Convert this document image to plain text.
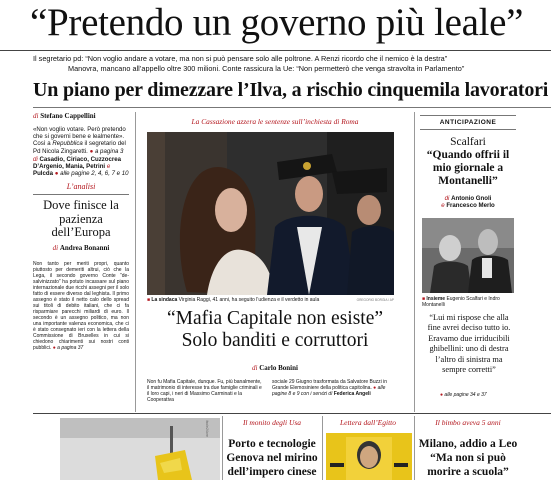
“Pretendo un governo più leale”
Il segretario pd: “Non voglio andare a votare, ma non si può pensare solo alle poltrone. A Renzi ricordo che il nemico è la destra”
Manovra, mancano all’appello oltre 300 milioni. Conte rassicura la Ue: “Non permetterò che venga stravolta in Parlamento”
Un piano per dimezzare l’Ilva, a rischio cinquemila lavoratori
di Stefano Cappellini
«Non voglio votare. Però pretendo che si governi bene e lealmente». Così a Repubblica il segretario del Pd Nicola Zingaretti. ● a pagina 3
di Casadio, Ciriaco, Cuzzocrea D’Argenio, Mania, Petrini e Pulcda ● alle pagine 2, 4, 6, 7 e 10
L’analisi
Dove finisce la pazienza dell’Europa
di Andrea Bonanni
Non tanto per meriti propri, quanto piuttosto per demeriti altrui, ciò che la Lega, il secondo governo Conte “de-salvinizzato” ha potuto incassare sul piano internazionale due ricchi assegni per il solo fatto di essere diverso dal leghista. Il primo assegno è stato il netto calo dello spread sui titoli di debito italiani, che ci fa risparmiare parecchi miliardi di euro. Il secondo è un assegno politico, ma non una importante valenza economica, che ci è stato consegnato ieri con la lettera della Commissione di Bruxelles in cui si chiedono chiarimenti sui nostri conti pubblici. ● a pagina 37
La Cassazione azzera le sentenze sull’inchiesta di Roma
■ La sindaca Virginia Raggi, 41 anni, ha seguito l’udienza e il verdetto in aula	GREGORIO BORGIA / AP
“Mafia Capitale non esiste”
Solo banditi e corruttori
di Carlo Bonini
Non fu Mafia Capitale, dunque. Fu, più banalmente, il matrimonio di interesse tra due famiglie criminali e il loro capi, i neri di Massimo Carminati e la Cooperativa
sociale 29 Giugno trasformata da Salvatore Buzzi in Grande Elemosiniere della politica capitolina. ● alle pagine 8 e 9 con i servizi di Federica Angeli
ANTICIPAZIONE
Scalfari
“Quando offrii il mio giornale a Montanelli”
di Antonio Gnoli
e Francesco Merlo
■ Insieme Eugenio Scalfari e Indro Montanelli
“Lui mi rispose che alla fine avrei deciso tutto io. Eravamo due irriducibili ghibellini: uno di destra l’altro di sinistra ma sempre corretti”
● alle pagine 34 e 37
ilsole24ore	Il monito degli Usa
Porto e tecnologie Genova nel mirino dell’impero cinese
Lettera dall’Egitto	Il bimbo aveva 5 anni
Milano, addio a Leo “Ma non si può morire a scuola”
